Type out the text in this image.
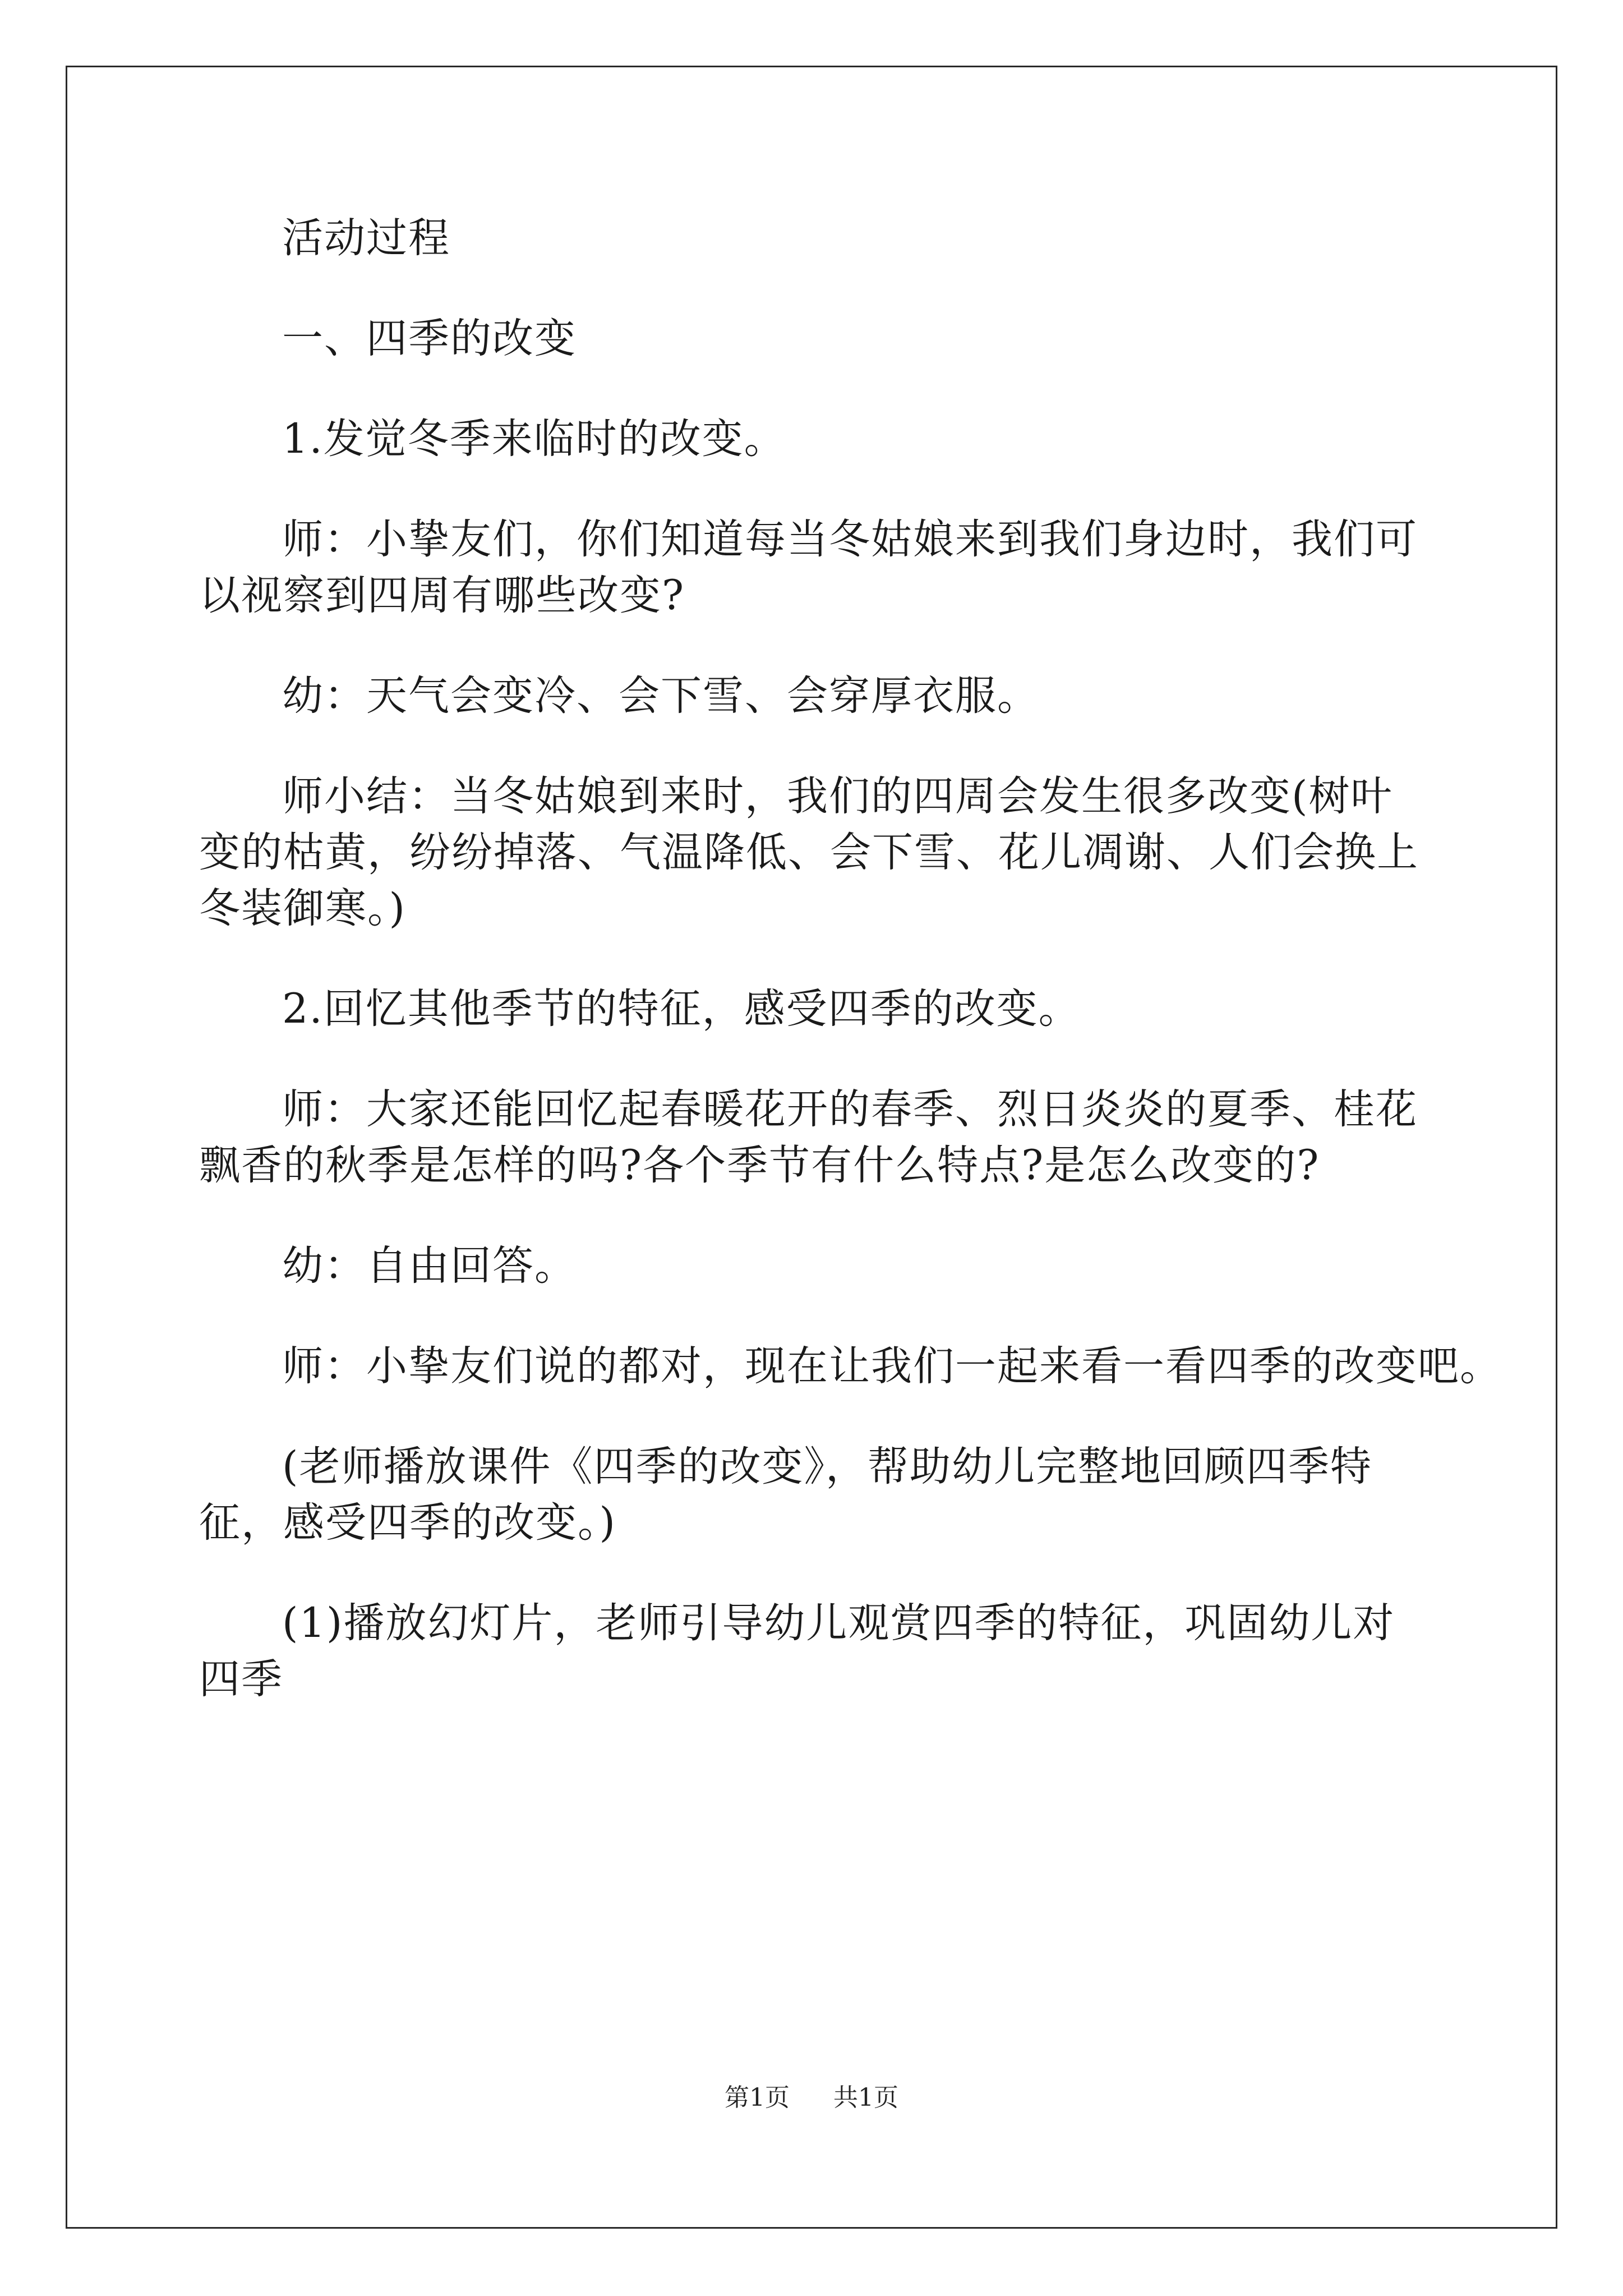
活动过程

一、四季的改变

1.发觉冬季来临时的改变。

师：小挚友们，你们知道每当冬姑娘来到我们身边时，我们可以视察到四周有哪些改变?

幼：天气会变冷、会下雪、会穿厚衣服。

师小结：当冬姑娘到来时，我们的四周会发生很多改变(树叶变的枯黄，纷纷掉落、气温降低、会下雪、花儿凋谢、人们会换上冬装御寒。)

2.回忆其他季节的特征，感受四季的改变。

师：大家还能回忆起春暖花开的春季、烈日炎炎的夏季、桂花飘香的秋季是怎样的吗?各个季节有什么特点?是怎么改变的?

幼：自由回答。

师：小挚友们说的都对，现在让我们一起来看一看四季的改变吧。

(老师播放课件《四季的改变》，帮助幼儿完整地回顾四季特征，感受四季的改变。)

(1)播放幻灯片，老师引导幼儿观赏四季的特征，巩固幼儿对四季

第1页 共1页
